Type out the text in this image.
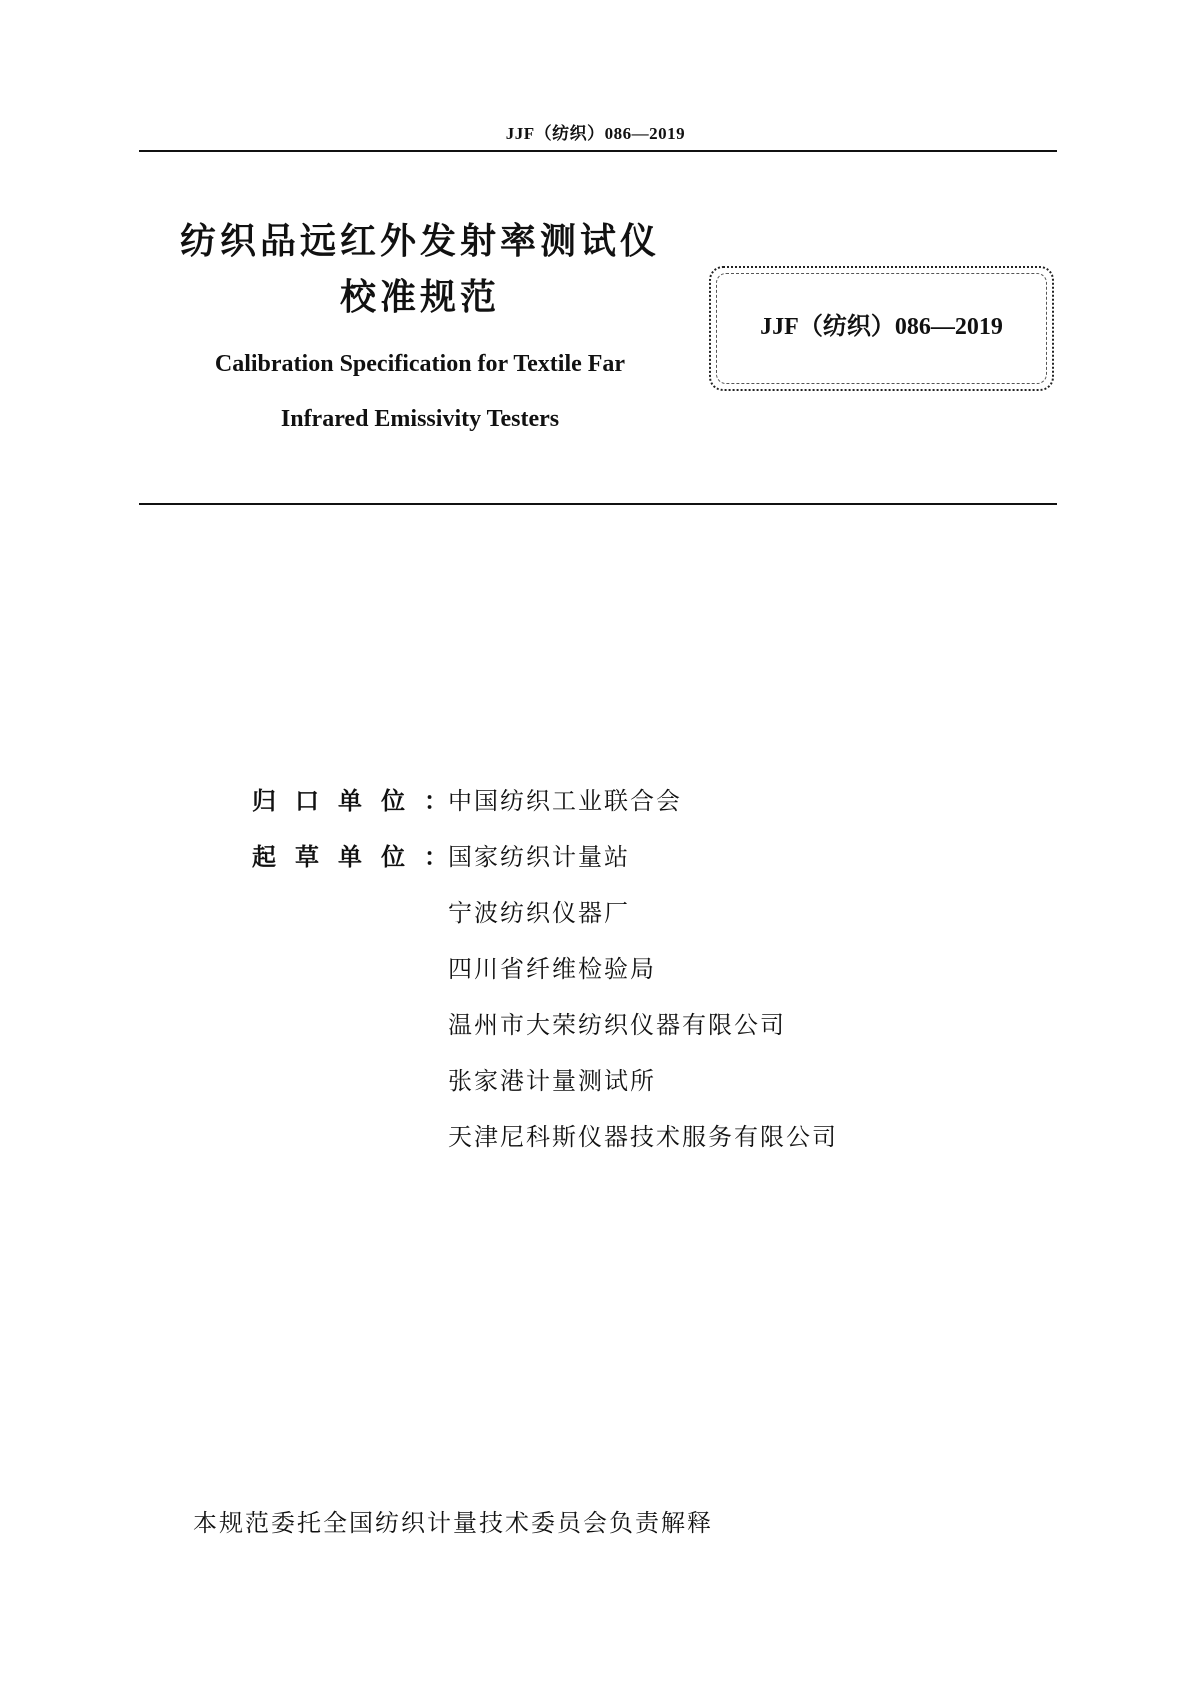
JJF（纺织）086—2019
纺织品远红外发射率测试仪
校准规范
Calibration Specification for Textile Far
Infrared Emissivity Testers
JJF（纺织）086—2019
归口单位：中国纺织工业联合会
起草单位：国家纺织计量站
宁波纺织仪器厂
四川省纤维检验局
温州市大荣纺织仪器有限公司
张家港计量测试所
天津尼科斯仪器技术服务有限公司
本规范委托全国纺织计量技术委员会负责解释
